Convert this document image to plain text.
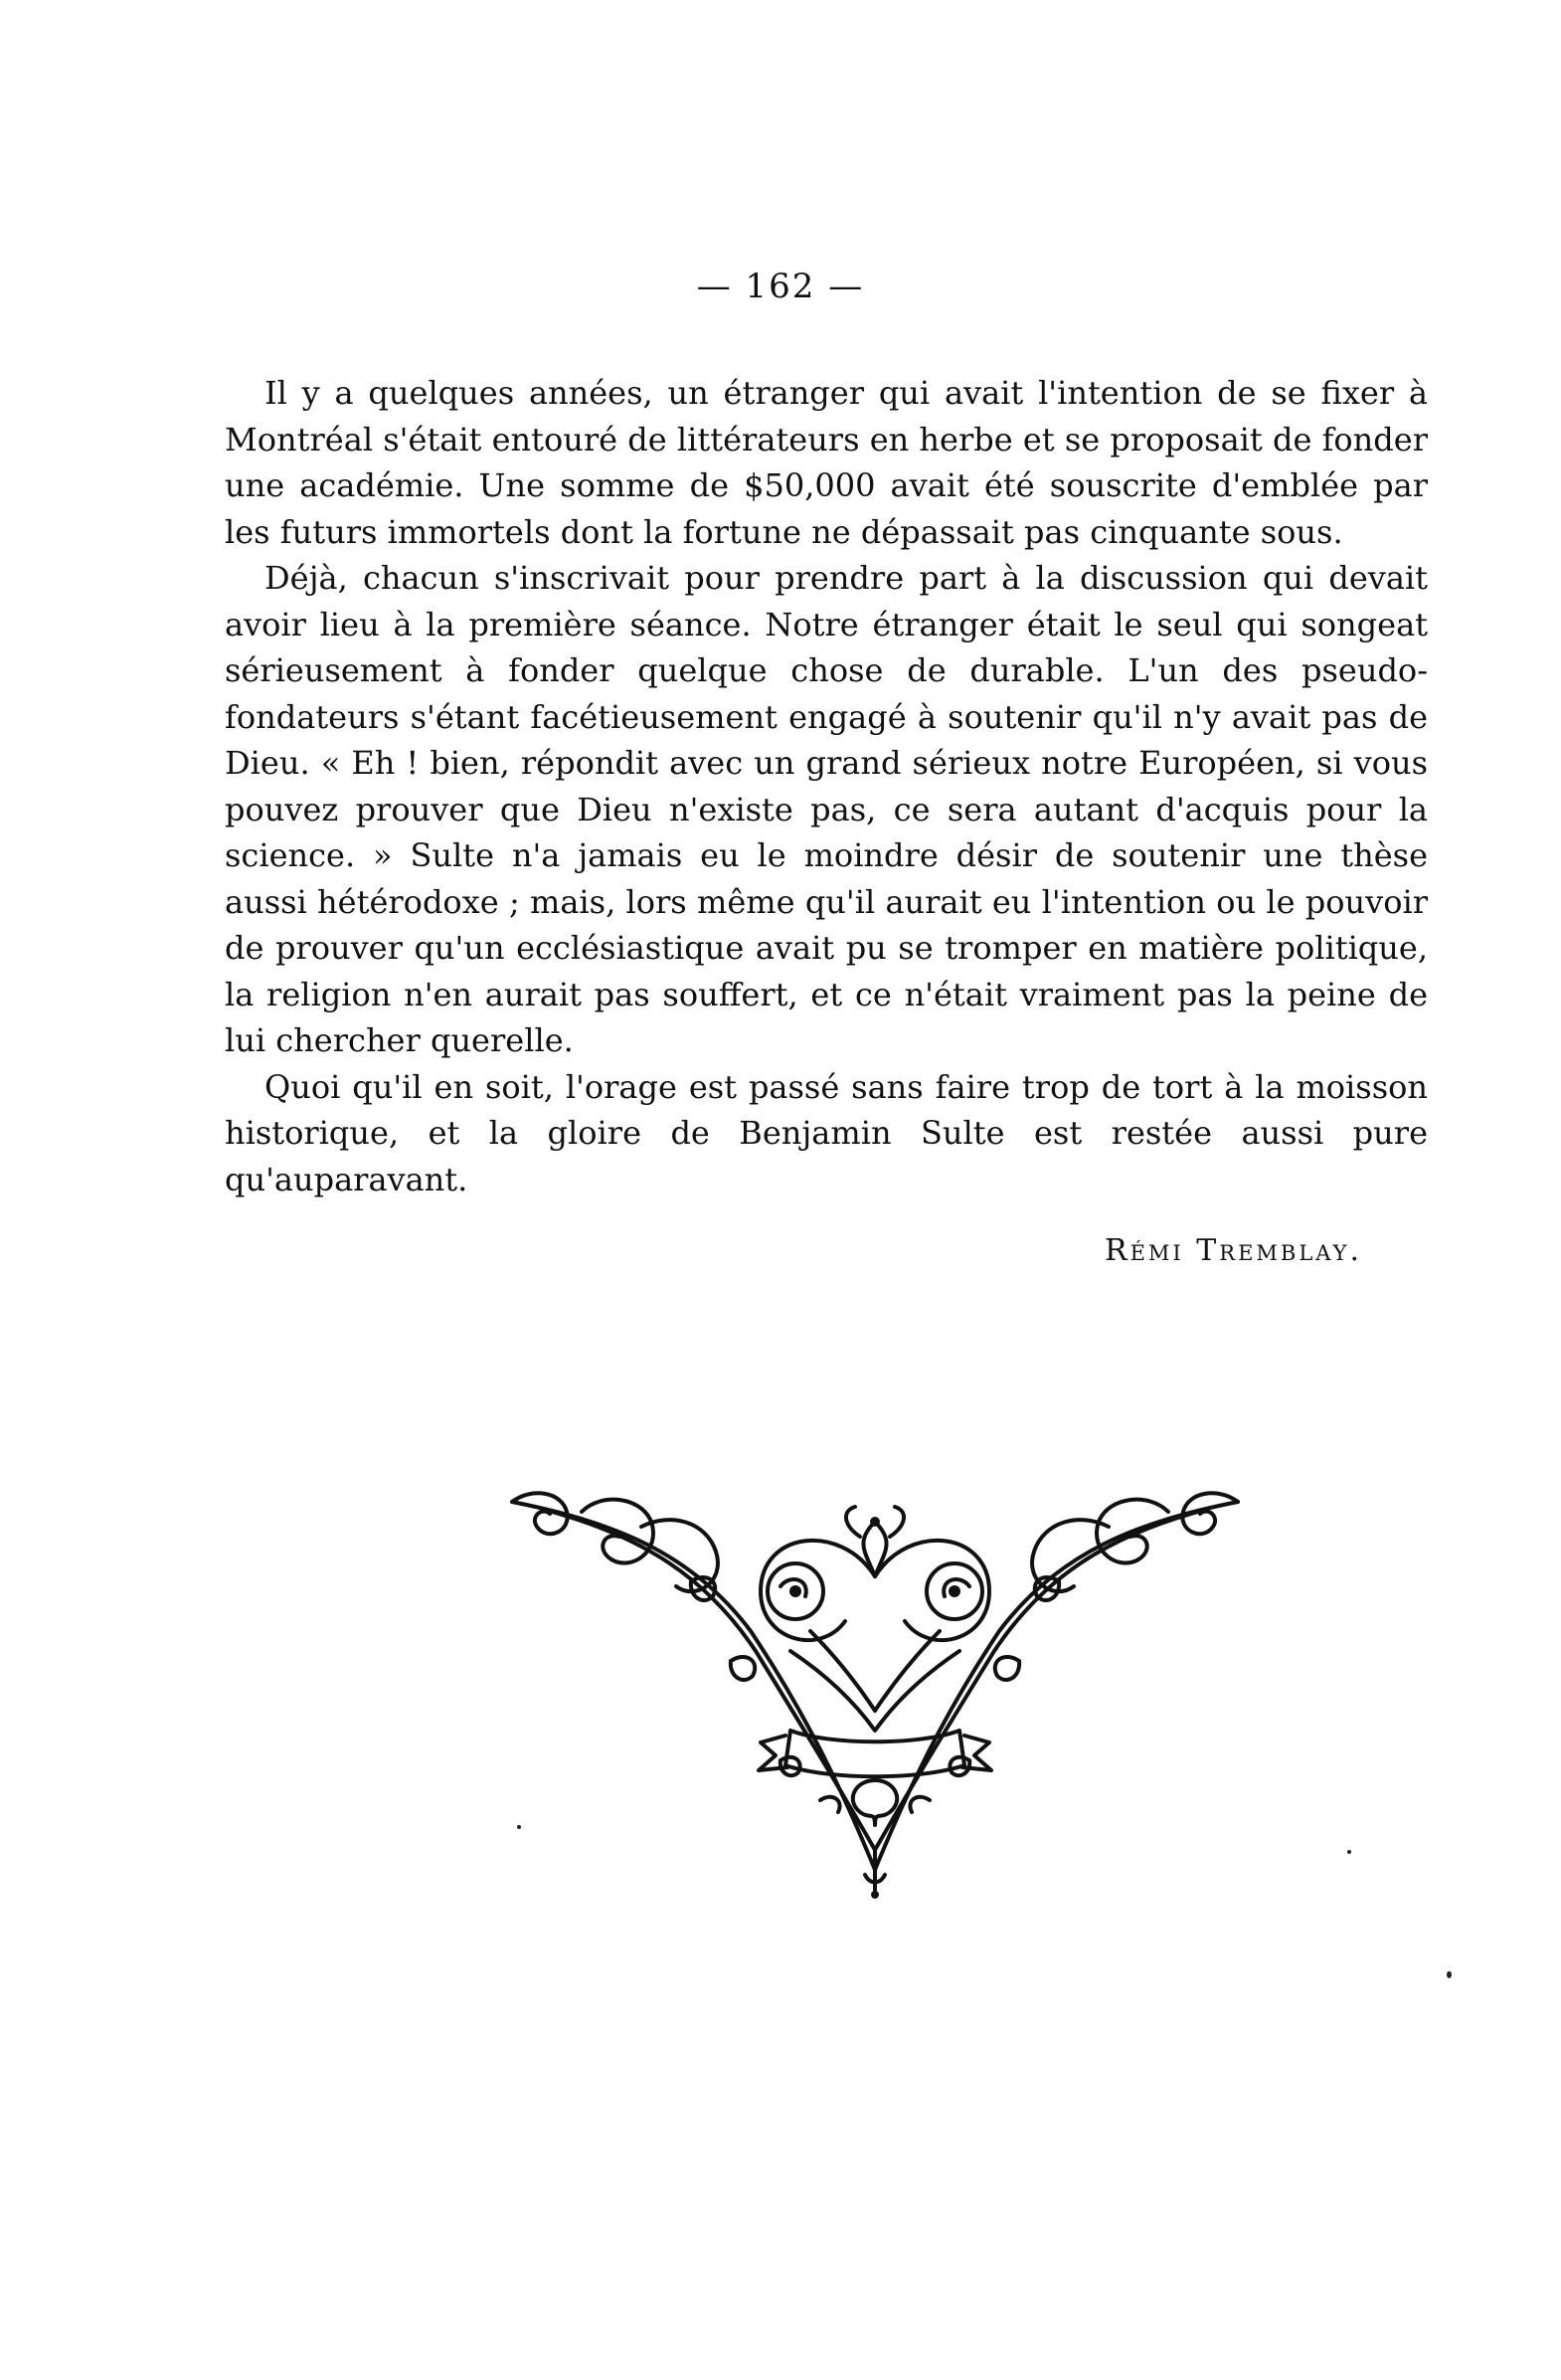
— 162 —

Il y a quelques années, un étranger qui avait l'intention de se fixer à Montréal s'était entouré de littérateurs en herbe et se proposait de fonder une académie. Une somme de $50,000 avait été souscrite d'emblée par les futurs immortels dont la fortune ne dépassait pas cinquante sous.

Déjà, chacun s'inscrivait pour prendre part à la discussion qui devait avoir lieu à la première séance. Notre étranger était le seul qui songeat sérieusement à fonder quelque chose de durable. L'un des pseudo-fondateurs s'étant facétieusement engagé à soutenir qu'il n'y avait pas de Dieu. « Eh ! bien, répondit avec un grand sérieux notre Européen, si vous pouvez prouver que Dieu n'existe pas, ce sera autant d'acquis pour la science. » Sulte n'a jamais eu le moindre désir de soutenir une thèse aussi hétérodoxe ; mais, lors même qu'il aurait eu l'intention ou le pouvoir de prouver qu'un ecclésiastique avait pu se tromper en matière politique, la religion n'en aurait pas souffert, et ce n'était vraiment pas la peine de lui chercher querelle.

Quoi qu'il en soit, l'orage est passé sans faire trop de tort à la moisson historique, et la gloire de Benjamin Sulte est restée aussi pure qu'auparavant.

Rémi Tremblay.
